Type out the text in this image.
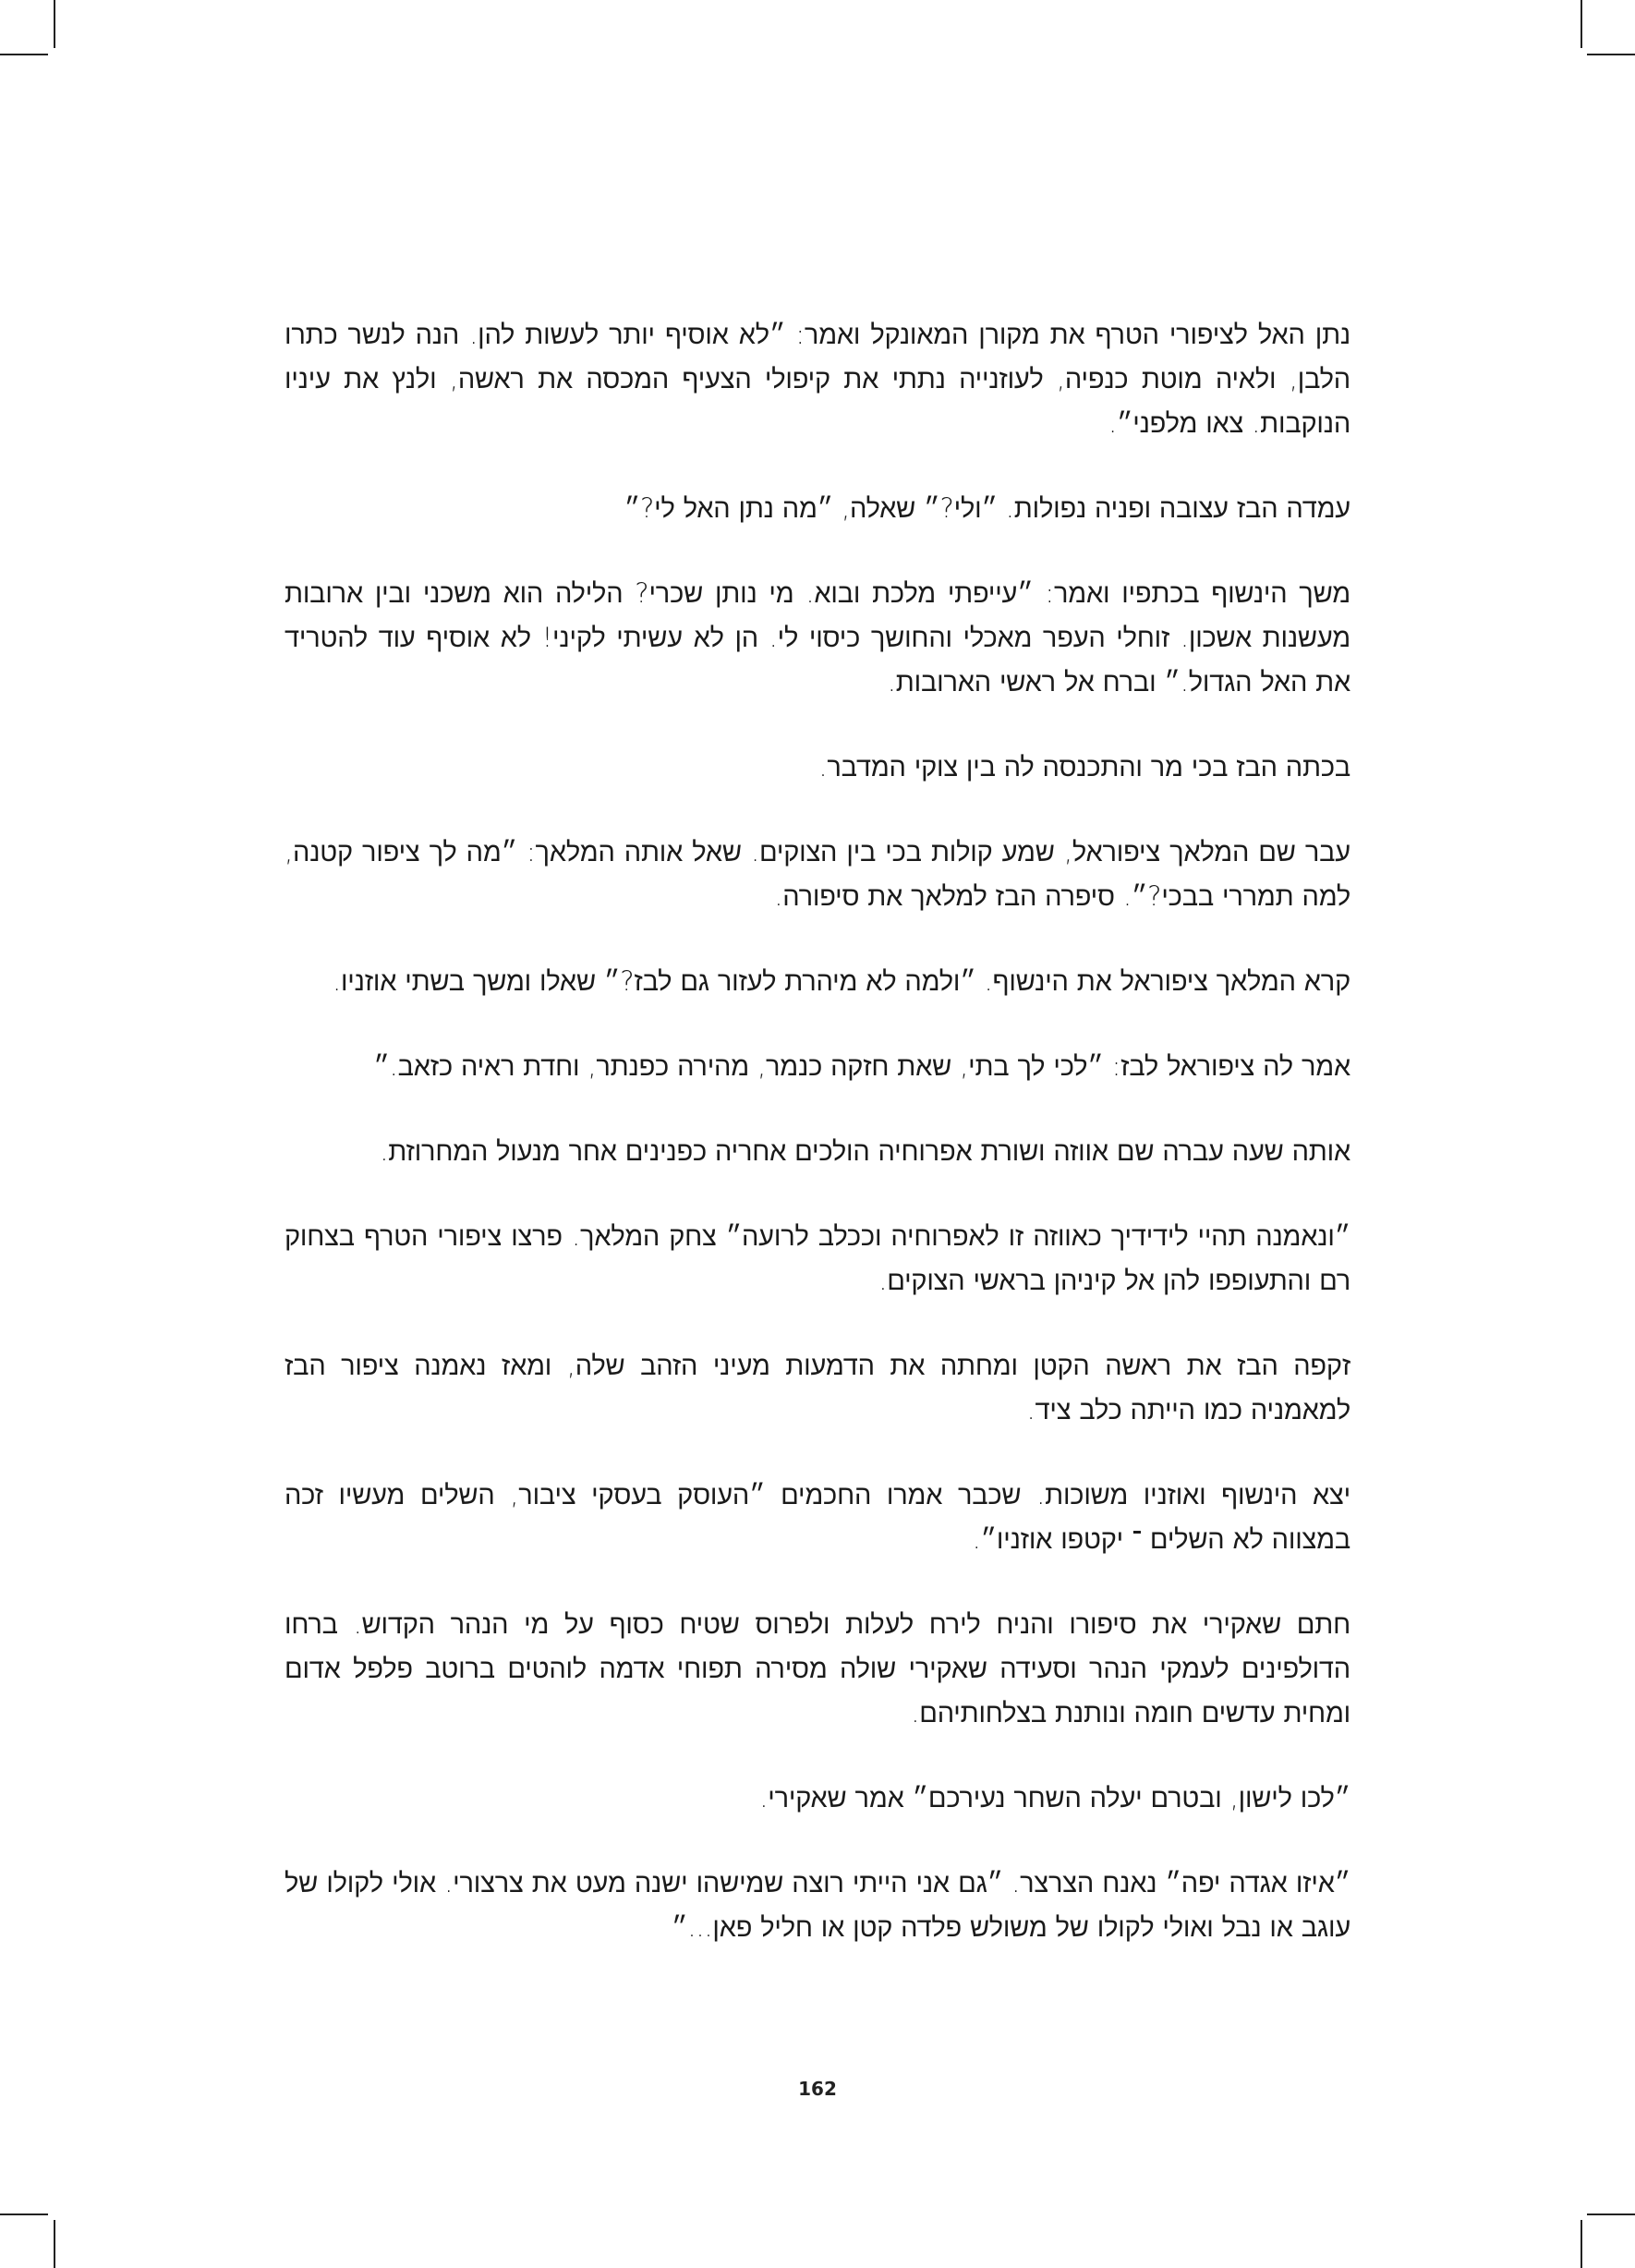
נתן האל לציפורי הטרף את מקורן המאונקל ואמר: ״לא אוסיף יותר לעשות להן. הנה לנשר כתרו הלבן, ולאיה מוטת כנפיה, לעוזנייה נתתי את קיפולי הצעיף המכסה את ראשה, ולנץ את עיניו הנוקבות. צאו מלפני״.

עמדה הבז עצובה ופניה נפולות. ״ולי?״ שאלה, ״מה נתן האל לי?״

משך הינשוף בכתפיו ואמר: ״עייפתי מלכת ובוא. מי נותן שכרי? הלילה הוא משכני ובין ארובות מעשנות אשכון. זוחלי העפר מאכלי והחושך כיסוי לי. הן לא עשיתי לקיני! לא אוסיף עוד להטריד את האל הגדול.״ וברח אל ראשי הארובות.

בכתה הבז בכי מר והתכנסה לה בין צוקי המדבר.

עבר שם המלאך ציפוראל, שמע קולות בכי בין הצוקים. שאל אותה המלאך: ״מה לך ציפור קטנה, למה תמררי בבכי?״. סיפרה הבז למלאך את סיפורה.

קרא המלאך ציפוראל את הינשוף. ״ולמה לא מיהרת לעזור גם לבז?״ שאלו ומשך בשתי אוזניו.

אמר לה ציפוראל לבז: ״לכי לך בתי, שאת חזקה כנמר, מהירה כפנתר, וחדת ראיה כזאב.״

אותה שעה עברה שם אווזה ושורת אפרוחיה הולכים אחריה כפנינים אחר מנעול המחרוזת.

״ונאמנה תהיי לידידיך כאווזה זו לאפרוחיה וככלב לרועה״ צחק המלאך. פרצו ציפורי הטרף בצחוק רם והתעופפו להן אל קיניהן בראשי הצוקים.

זקפה הבז את ראשה הקטן ומחתה את הדמעות מעיני הזהב שלה, ומאז נאמנה ציפור הבז למאמניה כמו הייתה כלב ציד.

יצא הינשוף ואוזניו משוכות. שכבר אמרו החכמים ״העוסק בעסקי ציבור, השלים מעשיו זכה במצווה לא השלים ־ יקטפו אוזניו״.

חתם שאקירי את סיפורו והניח לירח לעלות ולפרוס שטיח כסוף על מי הנהר הקדוש. ברחו הדולפינים לעמקי הנהר וסעידה שאקירי שולה מסירה תפוחי אדמה לוהטים ברוטב פלפל אדום ומחית עדשים חומה ונותנת בצלחותיהם.

״לכו לישון, ובטרם יעלה השחר נעירכם״ אמר שאקירי.

״איזו אגדה יפה״ נאנח הצרצר. ״גם אני הייתי רוצה שמישהו ישנה מעט את צרצורי. אולי לקולו של עוגב או נבל ואולי לקולו של משולש פלדה קטן או חליל פאן...״

162
